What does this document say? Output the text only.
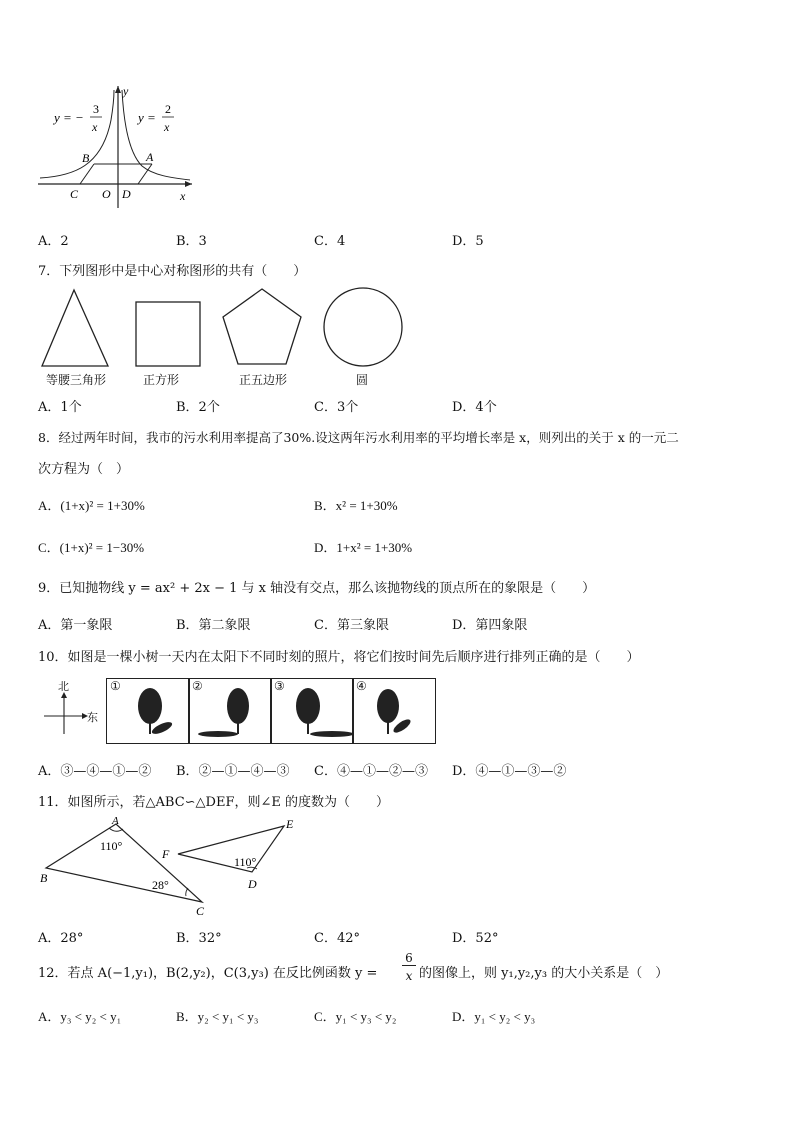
y = −
3
x
y =
2
x
y
x
B	A
C O D
A．2	B．3	C．4	D．5
7．下列图形中是中心对称图形的共有（　　）
等腰三角形	正方形	正五边形	圆
A．1个	B．2个	C．3个	D．4个
8．经过两年时间，我市的污水利用率提高了30%.设这两年污水利用率的平均增长率是 x，则列出的关于 x 的一元二
次方程为（　）
A．(1+x)² = 1+30%	B．x² = 1+30%
C．(1+x)² = 1−30%	D．1+x² = 1+30%
9．已知抛物线 y = ax² + 2x − 1 与 x 轴没有交点，那么该抛物线的顶点所在的象限是（　　）
A．第一象限	B．第二象限	C．第三象限	D．第四象限
10．如图是一棵小树一天内在太阳下不同时刻的照片，将它们按时间先后顺序进行排列正确的是（　　）
北
东
①	②	③	④
A．③—④—①—② B．②—①—④—③ C．④—①—②—③ D．④—①—③—②
11．如图所示，若△ABC∽△DEF，则∠E 的度数为（　　）
A
B
C
D
E
F
110°
28°
110°
A．28°	B．32°	C．42°	D．52°
12．若点 A(−1,y₁)，B(2,y₂)，C(3,y₃) 在反比例函数 y =
6
x 的图像上，则 y₁,y₂,y₃ 的大小关系是（　）
A．y₃ < y₂ < y₁	B．y₂ < y₁ < y₃	C．y₁ < y₃ < y₂	D．y₁ < y₂ < y₃
